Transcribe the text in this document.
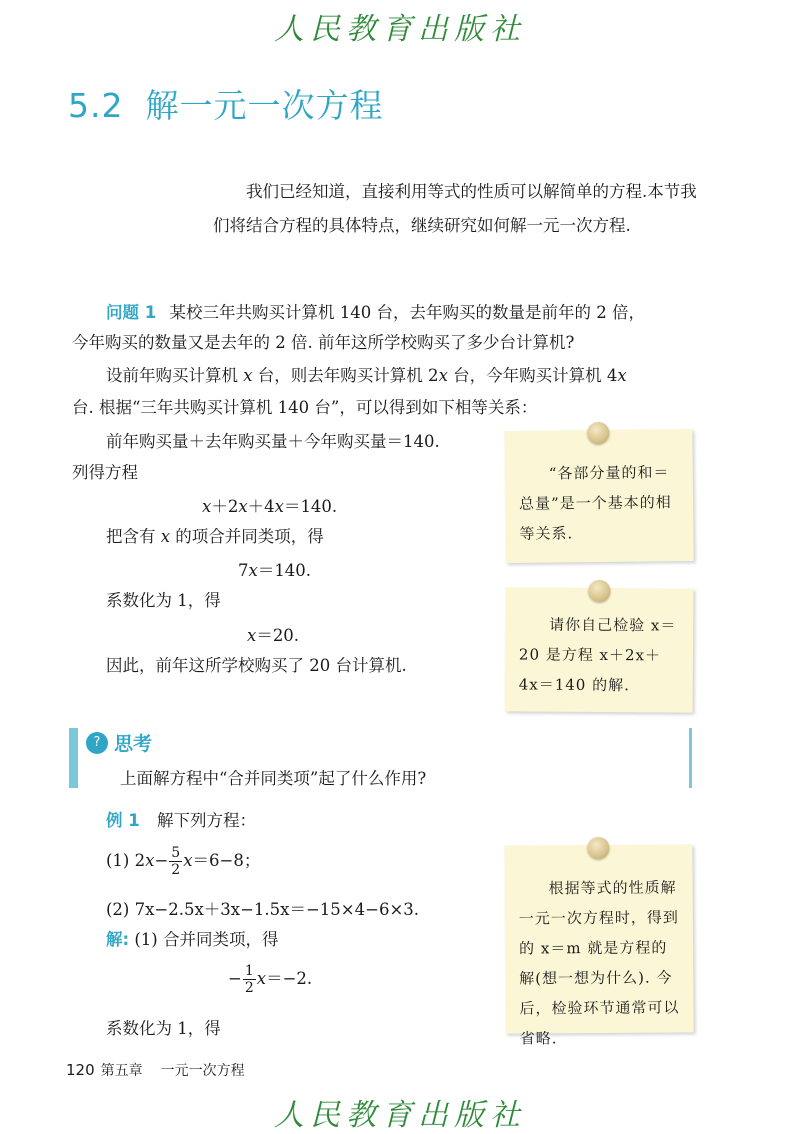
人民教育出版社
5.2 解一元一次方程
我们已经知道，直接利用等式的性质可以解简单的方程.本节我们将结合方程的具体特点，继续研究如何解一元一次方程.
问题 1 某校三年共购买计算机 140 台，去年购买的数量是前年的 2 倍，
今年购买的数量又是去年的 2 倍. 前年这所学校购买了多少台计算机?
设前年购买计算机 x 台，则去年购买计算机 2x 台，今年购买计算机 4x
台. 根据“三年共购买计算机 140 台”，可以得到如下相等关系：
前年购买量＋去年购买量＋今年购买量＝140.
列得方程
x＋2x＋4x＝140.
把含有 x 的项合并同类项，得
7x＝140.
系数化为 1，得
x＝20.
因此，前年这所学校购买了 20 台计算机.
“各部分量的和＝总量”是一个基本的相等关系.
请你自己检验 x＝20 是方程 x＋2x＋4x＝140 的解.
根据等式的性质解一元一次方程时，得到的 x＝m 就是方程的解(想一想为什么). 今后，检验环节通常可以省略.
? 思考
上面解方程中“合并同类项”起了什么作用?
例 1 解下列方程：
(1) $2x- \frac{5}{2} x=6-8$；
(2) 7x−2.5x＋3x−1.5x＝−15×4−6×3.
解: (1) 合并同类项，得
− $\frac{1}{2} x=-2$.
系数化为 1，得
120 第五章 一元一次方程
人民教育出版社
